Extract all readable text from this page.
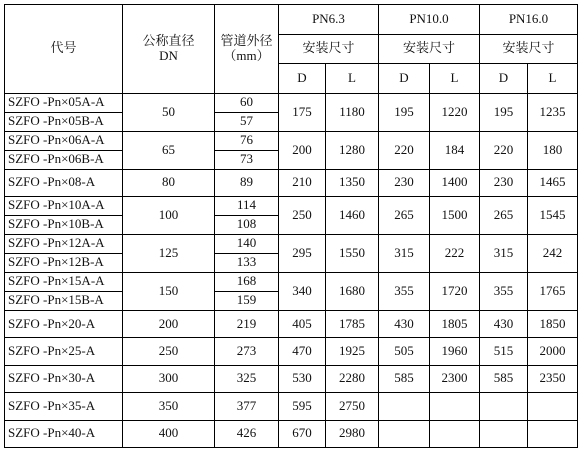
代号	公称直径
DN	管道外径
（mm）	PN6.3		PN10.0		PN16.0	
			安装尺寸		安装尺寸		安装尺寸	
			D	L	D	L	D	L
SZFO -Pn×05A-A	50	60	175	1180	195	1220	195	1235
SZFO -Pn×05B-A		57						
SZFO -Pn×06A-A	65	76	200	1280	220	184	220	180
SZFO -Pn×06B-A		73						
SZFO -Pn×08-A	80	89	210	1350	230	1400	230	1465
SZFO -Pn×10A-A	100	114	250	1460	265	1500	265	1545
SZFO -Pn×10B-A		108						
SZFO -Pn×12A-A	125	140	295	1550	315	222	315	242
SZFO -Pn×12B-A		133						
SZFO -Pn×15A-A	150	168	340	1680	355	1720	355	1765
SZFO -Pn×15B-A		159						
SZFO -Pn×20-A	200	219	405	1785	430	1805	430	1850
SZFO -Pn×25-A	250	273	470	1925	505	1960	515	2000
SZFO -Pn×30-A	300	325	530	2280	585	2300	585	2350
SZFO -Pn×35-A	350	377	595	2750				
SZFO -Pn×40-A	400	426	670	2980				
